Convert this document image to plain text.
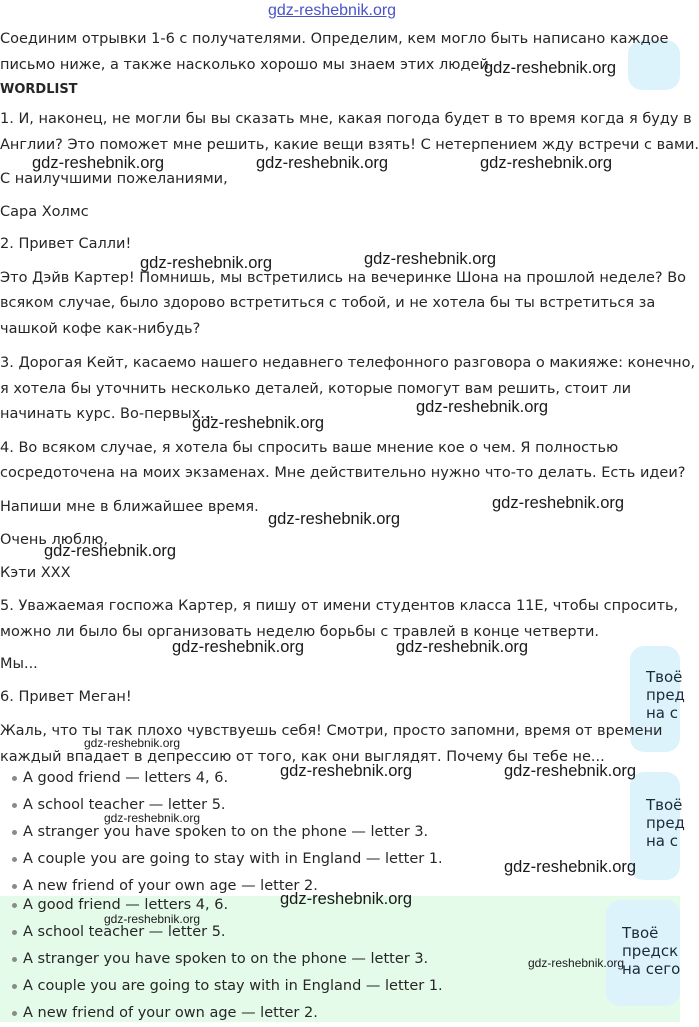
Твоё
пред
на с
Твоё
пред
на с
Твоё
предск
на сего
gdz-reshebnik.org

Соединим отрывки 1-6 с получателями. Определим, кем могло быть написано каждое

письмо ниже, а также насколько хорошо мы знаем этих людей.

WORDLIST

1. И, наконец, не могли бы вы сказать мне, какая погода будет в то время когда я буду в

Англии? Это поможет мне решить, какие вещи взять! С нетерпением жду встречи с вами.

С наилучшими пожеланиями,

Сара Холмс

2. Привет Салли!

Это Дэйв Картер! Помнишь, мы встретились на вечеринке Шона на прошлой неделе? Во

всяком случае, было здорово встретиться с тобой, и не хотела бы ты встретиться за

чашкой кофе как-нибудь?

3. Дорогая Кейт, касаемо нашего недавнего телефонного разговора о макияже: конечно,

я хотела бы уточнить несколько деталей, которые помогут вам решить, стоит ли

начинать курс. Во-первых...

4. Во всяком случае, я хотела бы спросить ваше мнение кое о чем. Я полностью

сосредоточена на моих экзаменах. Мне действительно нужно что-то делать. Есть идеи?

Напиши мне в ближайшее время.

Очень люблю,

Кэти ХХХ

5. Уважаемая госпожа Картер, я пишу от имени студентов класса 11Е, чтобы спросить,

можно ли было бы организовать неделю борьбы с травлей в конце четверти.

Мы...

6. Привет Меган!

Жаль, что ты так плохо чувствуешь себя! Смотри, просто запомни, время от времени

каждый впадает в депрессию от того, как они выглядят. Почему бы тебе не...

A good friend — letters 4, 6.
A school teacher — letter 5.
A stranger you have spoken to on the phone — letter 3.
A couple you are going to stay with in England — letter 1.
A new friend of your own age — letter 2.
A good friend — letters 4, 6.
A school teacher — letter 5.
A stranger you have spoken to on the phone — letter 3.
A couple you are going to stay with in England — letter 1.
A new friend of your own age — letter 2.
gdz-reshebnik.org
gdz-reshebnik.org	gdz-reshebnik.org	gdz-reshebnik.org
gdz-reshebnik.org
gdz-reshebnik.org
gdz-reshebnik.org
gdz-reshebnik.org
gdz-reshebnik.org
gdz-reshebnik.org
gdz-reshebnik.org
gdz-reshebnik.org	gdz-reshebnik.org
gdz-reshebnik.org
gdz-reshebnik.org	gdz-reshebnik.org
gdz-reshebnik.org
gdz-reshebnik.org
gdz-reshebnik.org
gdz-reshebnik.org
gdz-reshebnik.org
